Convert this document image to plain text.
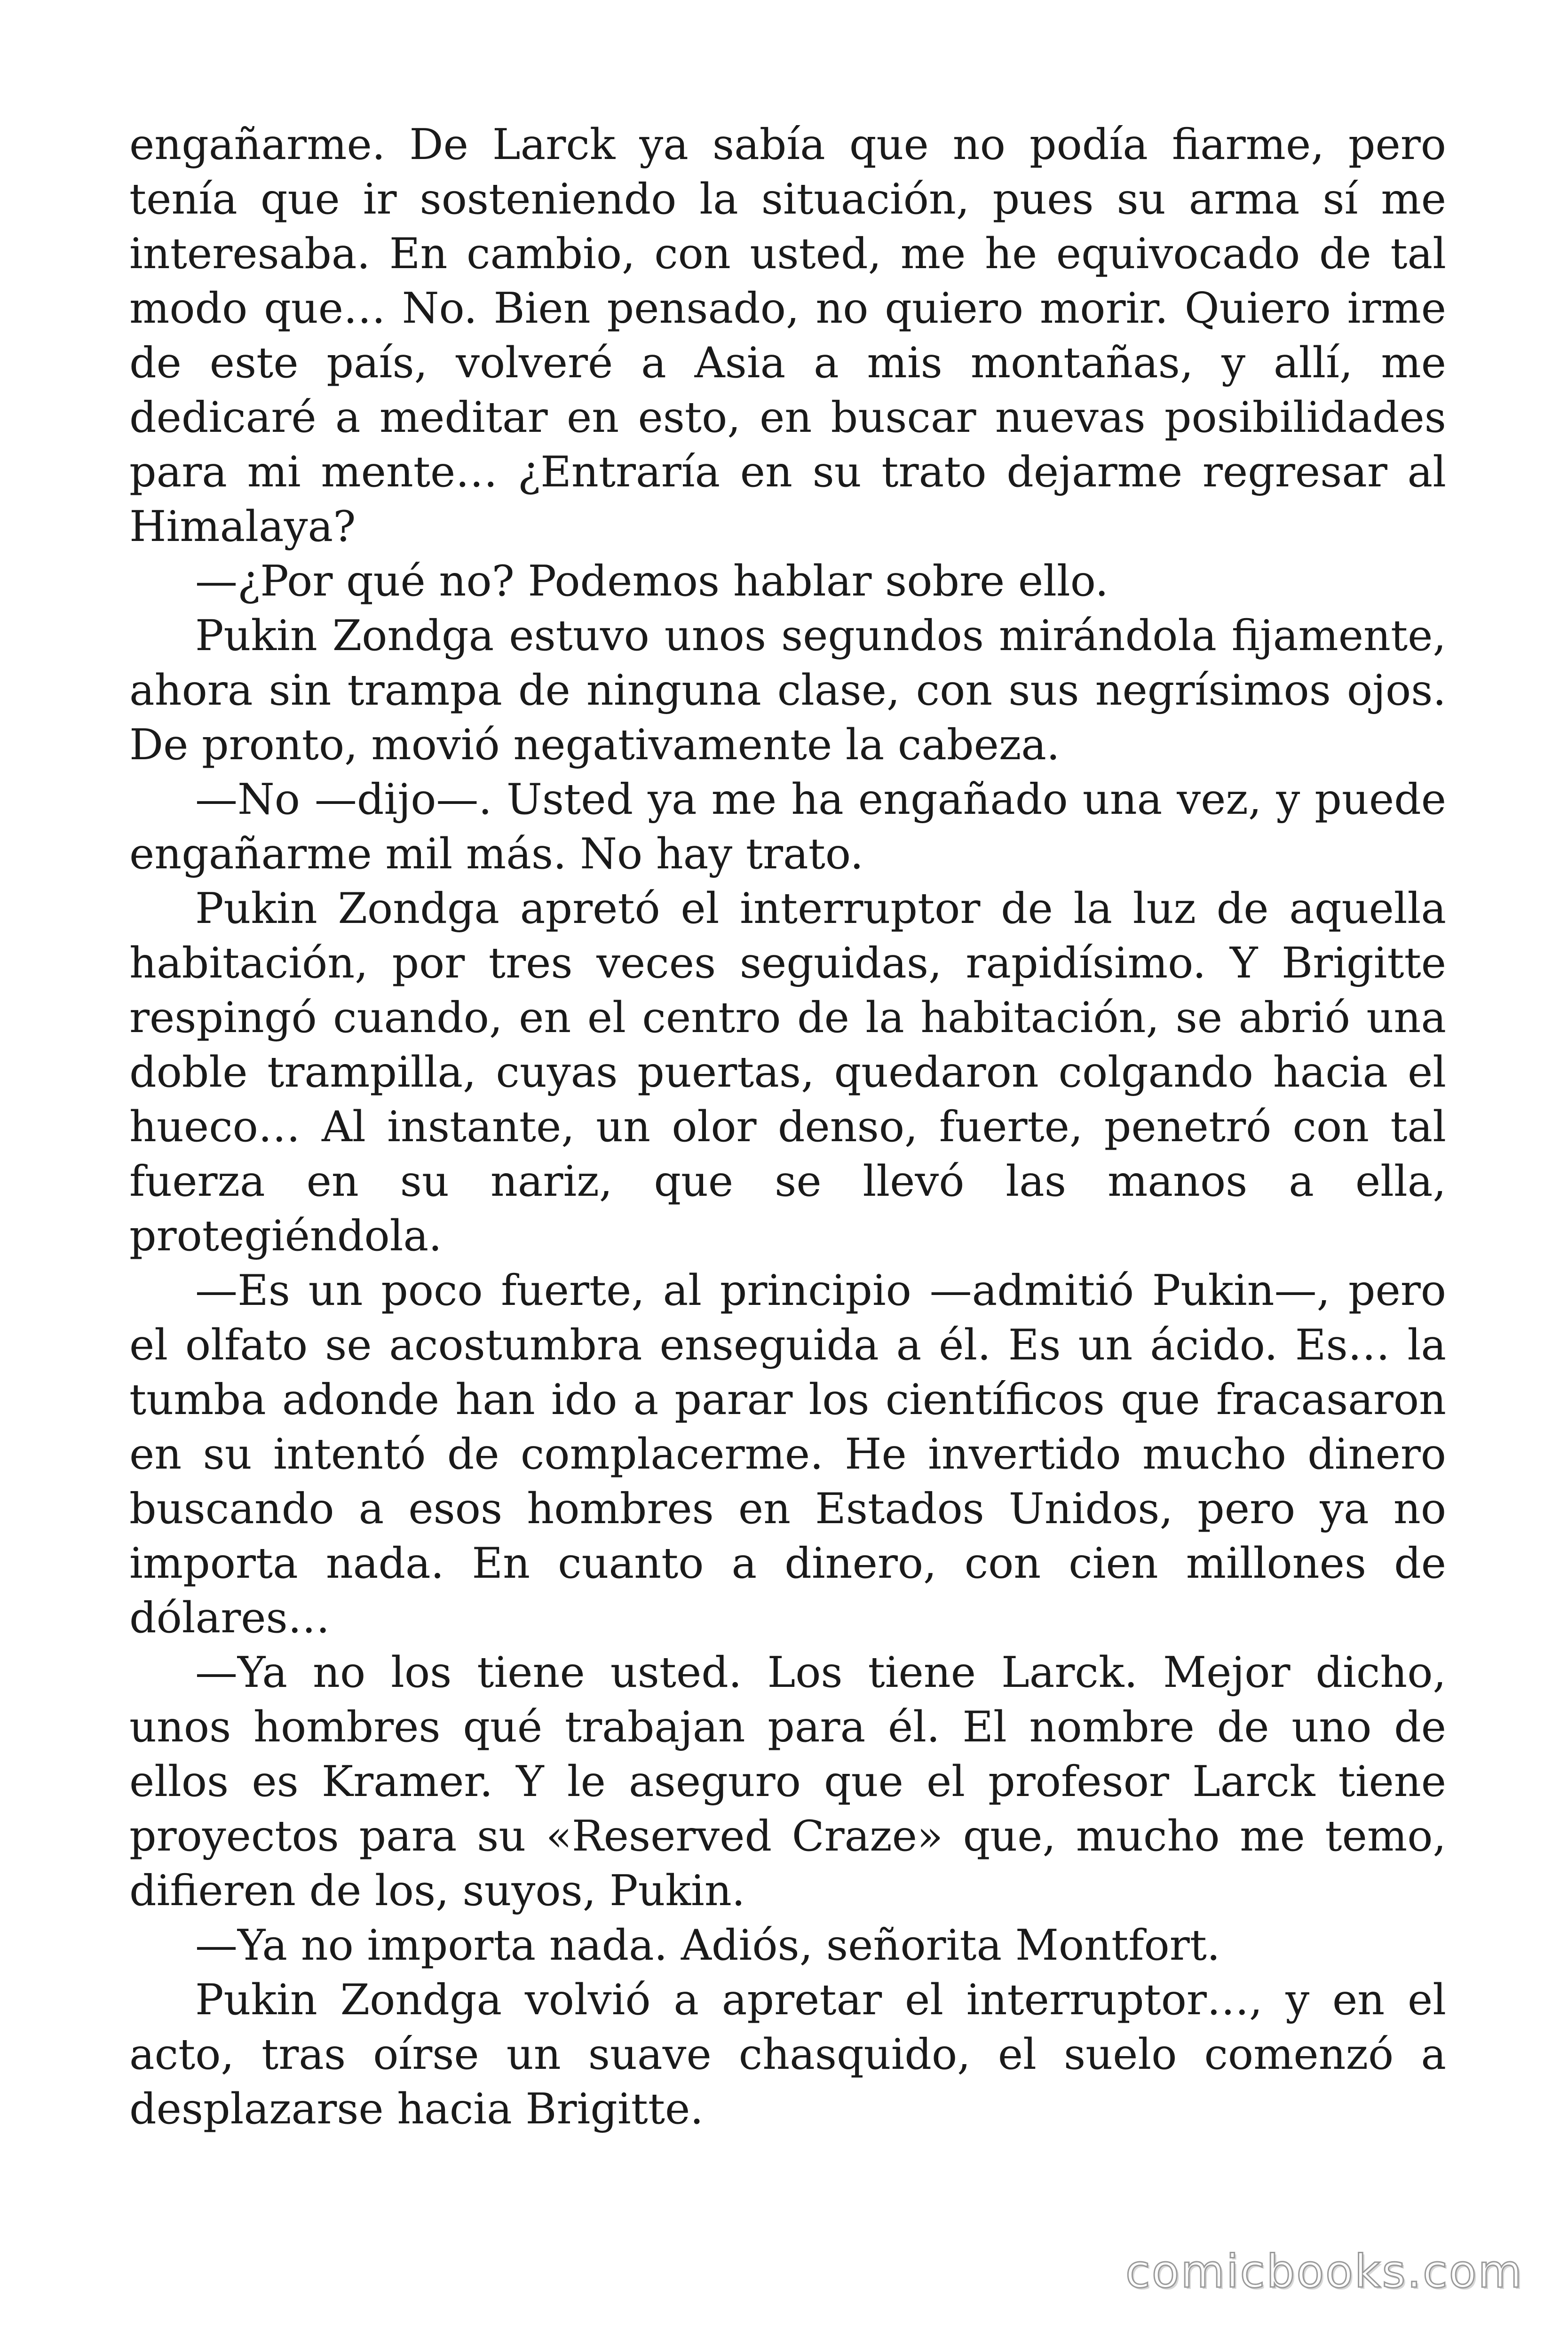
engañarme. De Larck ya sabía que no podía fiarme, pero tenía que ir sosteniendo la situación, pues su arma sí me interesaba. En cambio, con usted, me he equivocado de tal modo que… No. Bien pensado, no quiero morir. Quiero irme de este país, volveré a Asia a mis montañas, y allí, me dedicaré a meditar en esto, en buscar nuevas posibilidades para mi mente… ¿Entraría en su trato dejarme regresar al Himalaya?

—¿Por qué no? Podemos hablar sobre ello.

Pukin Zondga estuvo unos segundos mirándola fijamente, ahora sin trampa de ninguna clase, con sus negrísimos ojos. De pronto, movió negativamente la cabeza.

—No —dijo—. Usted ya me ha engañado una vez, y puede engañarme mil más. No hay trato.

Pukin Zondga apretó el interruptor de la luz de aquella habitación, por tres veces seguidas, rapidísimo. Y Brigitte respingó cuando, en el centro de la habitación, se abrió una doble trampilla, cuyas puertas, quedaron colgando hacia el hueco… Al instante, un olor denso, fuerte, penetró con tal fuerza en su nariz, que se llevó las manos a ella, protegiéndola.

—Es un poco fuerte, al principio —admitió Pukin—, pero el olfato se acostumbra enseguida a él. Es un ácido. Es… la tumba adonde han ido a parar los científicos que fracasaron en su intentó de complacerme. He invertido mucho dinero buscando a esos hombres en Estados Unidos, pero ya no importa nada. En cuanto a dinero, con cien millones de dólares…

—Ya no los tiene usted. Los tiene Larck. Mejor dicho, unos hombres qué trabajan para él. El nombre de uno de ellos es Kramer. Y le aseguro que el profesor Larck tiene proyectos para su «Reserved Craze» que, mucho me temo, difieren de los, suyos, Pukin.

—Ya no importa nada. Adiós, señorita Montfort.

Pukin Zondga volvió a apretar el interruptor…, y en el acto, tras oírse un suave chasquido, el suelo comenzó a desplazarse hacia Brigitte.

comicbooks.com
